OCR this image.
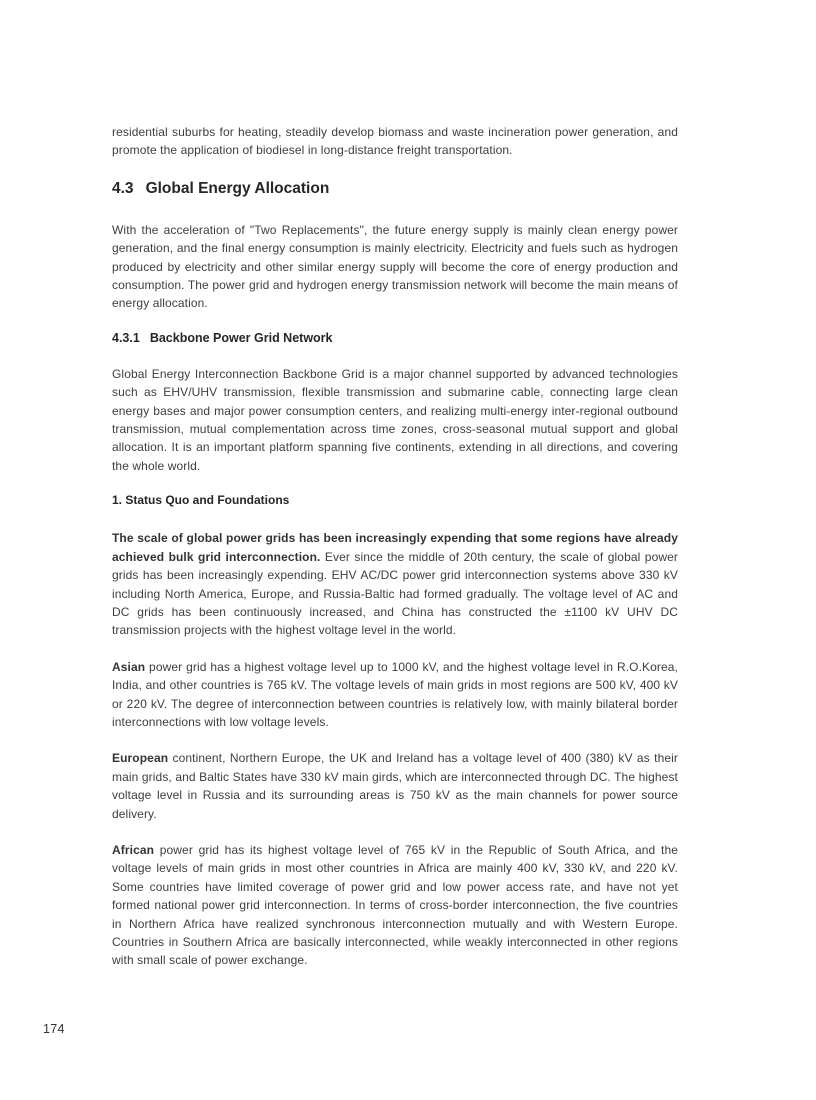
residential suburbs for heating, steadily develop biomass and waste incineration power generation, and promote the application of biodiesel in long-distance freight transportation.

4.3 Global Energy Allocation

With the acceleration of "Two Replacements", the future energy supply is mainly clean energy power generation, and the final energy consumption is mainly electricity. Electricity and fuels such as hydrogen produced by electricity and other similar energy supply will become the core of energy production and consumption. The power grid and hydrogen energy transmission network will become the main means of energy allocation.

4.3.1 Backbone Power Grid Network

Global Energy Interconnection Backbone Grid is a major channel supported by advanced technologies such as EHV/UHV transmission, flexible transmission and submarine cable, connecting large clean energy bases and major power consumption centers, and realizing multi-energy inter-regional outbound transmission, mutual complementation across time zones, cross-seasonal mutual support and global allocation. It is an important platform spanning five continents, extending in all directions, and covering the whole world.

1. Status Quo and Foundations

The scale of global power grids has been increasingly expending that some regions have already achieved bulk grid interconnection. Ever since the middle of 20th century, the scale of global power grids has been increasingly expending. EHV AC/DC power grid interconnection systems above 330 kV including North America, Europe, and Russia-Baltic had formed gradually. The voltage level of AC and DC grids has been continuously increased, and China has constructed the ±1100 kV UHV DC transmission projects with the highest voltage level in the world.

Asian power grid has a highest voltage level up to 1000 kV, and the highest voltage level in R.O.Korea, India, and other countries is 765 kV. The voltage levels of main grids in most regions are 500 kV, 400 kV or 220 kV. The degree of interconnection between countries is relatively low, with mainly bilateral border interconnections with low voltage levels.

European continent, Northern Europe, the UK and Ireland has a voltage level of 400 (380) kV as their main grids, and Baltic States have 330 kV main girds, which are interconnected through DC. The highest voltage level in Russia and its surrounding areas is 750 kV as the main channels for power source delivery.

African power grid has its highest voltage level of 765 kV in the Republic of South Africa, and the voltage levels of main grids in most other countries in Africa are mainly 400 kV, 330 kV, and 220 kV. Some countries have limited coverage of power grid and low power access rate, and have not yet formed national power grid interconnection. In terms of cross-border interconnection, the five countries in Northern Africa have realized synchronous interconnection mutually and with Western Europe. Countries in Southern Africa are basically interconnected, while weakly interconnected in other regions with small scale of power exchange.

174
